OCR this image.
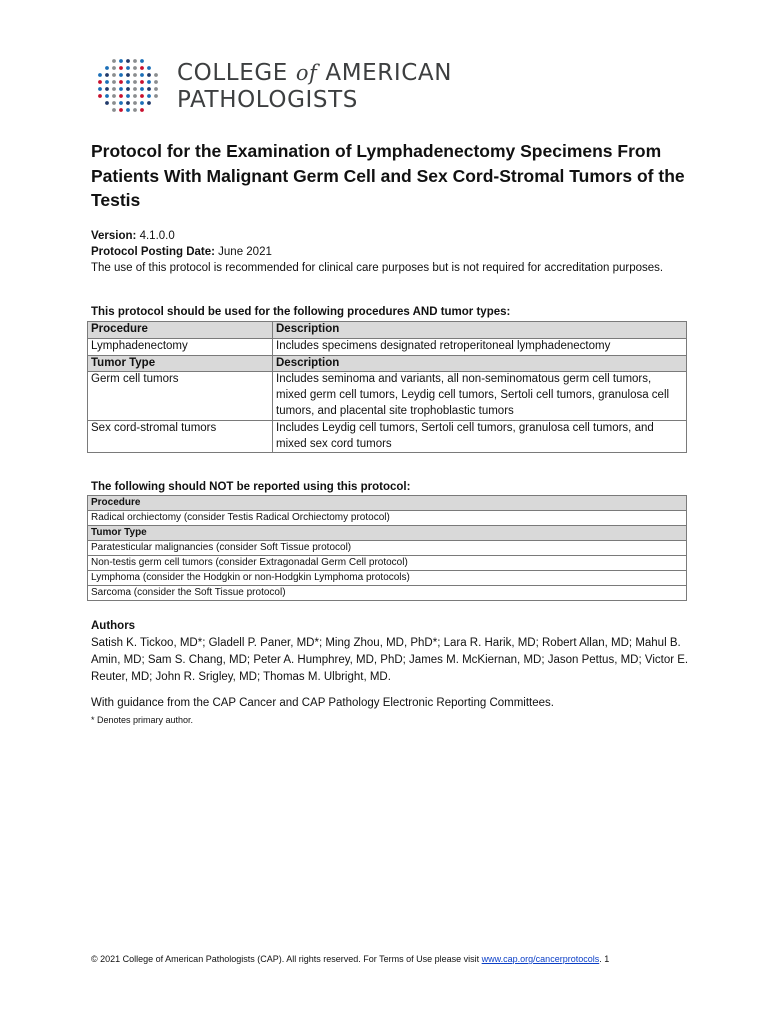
COLLEGE of AMERICAN
PATHOLOGISTS
Protocol for the Examination of Lymphadenectomy Specimens From Patients With Malignant Germ Cell and Sex Cord-Stromal Tumors of the Testis

Version: 4.1.0.0

Protocol Posting Date: June 2021

The use of this protocol is recommended for clinical care purposes but is not required for accreditation purposes.

This protocol should be used for the following procedures AND tumor types:
Procedure	Description
Lymphadenectomy	Includes specimens designated retroperitoneal lymphadenectomy
Tumor Type	Description
Germ cell tumors	Includes seminoma and variants, all non-seminomatous germ cell tumors, mixed germ cell tumors, Leydig cell tumors, Sertoli cell tumors, granulosa cell tumors, and placental site trophoblastic tumors
Sex cord-stromal tumors	Includes Leydig cell tumors, Sertoli cell tumors, granulosa cell tumors, and mixed sex cord tumors
The following should NOT be reported using this protocol:
Procedure
Radical orchiectomy (consider Testis Radical Orchiectomy protocol)
Tumor Type
Paratesticular malignancies (consider Soft Tissue protocol)
Non-testis germ cell tumors (consider Extragonadal Germ Cell protocol)
Lymphoma (consider the Hodgkin or non-Hodgkin Lymphoma protocols)
Sarcoma (consider the Soft Tissue protocol)

Authors

Satish K. Tickoo, MD*; Gladell P. Paner, MD*; Ming Zhou, MD, PhD*; Lara R. Harik, MD; Robert Allan, MD; Mahul B. Amin, MD; Sam S. Chang, MD; Peter A. Humphrey, MD, PhD; James M. McKiernan, MD; Jason Pettus, MD; Victor E. Reuter, MD; John R. Srigley, MD; Thomas M. Ulbright, MD.

With guidance from the CAP Cancer and CAP Pathology Electronic Reporting Committees.
* Denotes primary author.
© 2021 College of American Pathologists (CAP). All rights reserved. For Terms of Use please visit www.cap.org/cancerprotocols. 1
